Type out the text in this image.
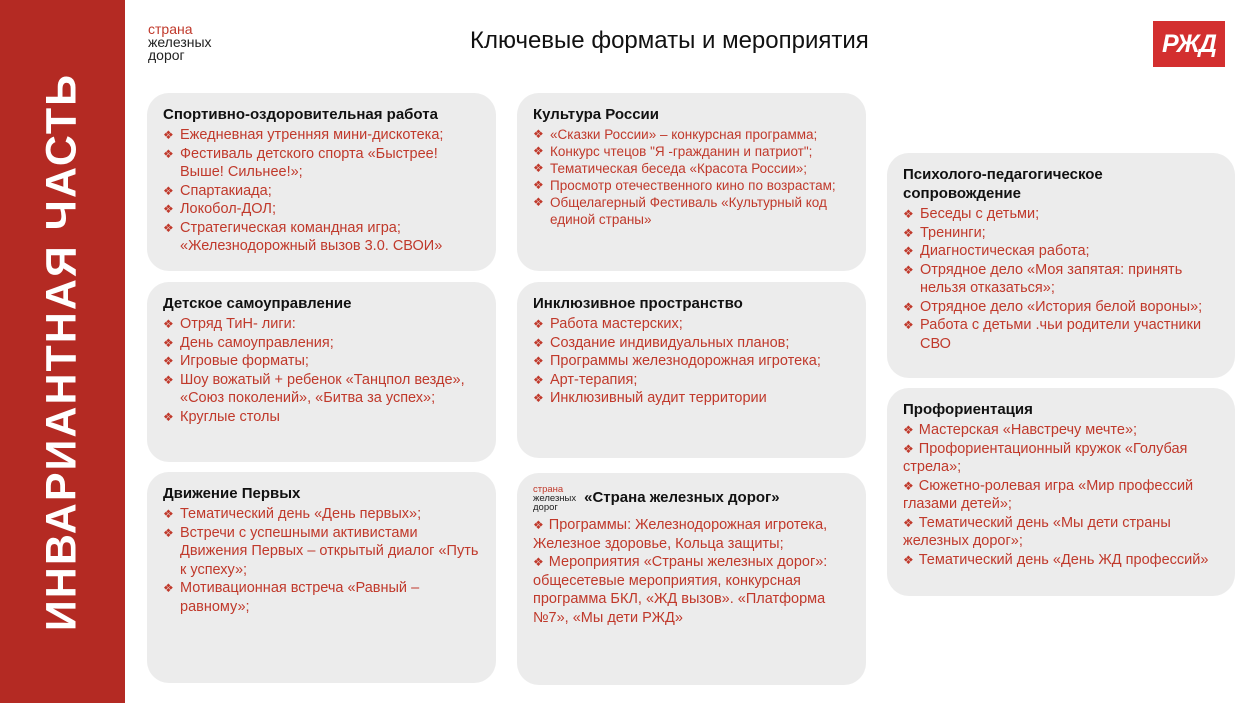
ИНВАРИАНТНАЯ ЧАСТЬ
страна
железных
дорог
Ключевые форматы и мероприятия	РЖД
Спортивно-оздоровительная работа
❖ Ежедневная утренняя мини-дискотека;
❖ Фестиваль детского спорта «Быстрее! Выше! Сильнее!»;
❖ Спартакиада;
❖ Локобол-ДОЛ;
❖ Стратегическая командная игра; «Железнодорожный вызов 3.0. СВОИ»
Детское самоуправление
❖ Отряд ТиН- лиги:
❖ День самоуправления;
❖ Игровые форматы;
❖ Шоу вожатый + ребенок «Танцпол везде», «Союз поколений», «Битва за успех»;
❖ Круглые столы
Движение Первых
❖ Тематический день «День первых»;
❖ Встречи с успешными активистами Движения Первых – открытый диалог «Путь к успеху»;
❖ Мотивационная встреча «Равный – равному»;
Культура России
❖ «Сказки России» – конкурсная программа;
❖ Конкурс чтецов "Я -гражданин и патриот";
❖ Тематическая беседа «Красота России»;
❖ Просмотр отечественного кино по возрастам;
❖ Общелагерный Фестиваль «Культурный код единой страны»
Инклюзивное пространство
❖ Работа мастерских;
❖ Создание индивидуальных планов;
❖ Программы железнодорожная игротека;
❖ Арт-терапия;
❖ Инклюзивный аудит территории
страна
железных
дорог
«Страна железных дорог»
❖ Программы: Железнодорожная игротека, Железное здоровье, Кольца защиты;
❖ Мероприятия «Страны железных дорог»: общесетевые мероприятия, конкурсная программа БКЛ, «ЖД вызов». «Платформа №7», «Мы дети РЖД»
Психолого-педагогическое сопровождение
❖ Беседы с детьми;
❖ Тренинги;
❖ Диагностическая работа;
❖ Отрядное дело «Моя запятая: принять нельзя отказаться»;
❖ Отрядное дело «История белой вороны»;
❖ Работа с детьми .чьи родители участники СВО
Профориентация
❖ Мастерская «Навстречу мечте»;
❖ Профориентационный кружок «Голубая стрела»;
❖ Сюжетно-ролевая игра «Мир профессий глазами детей»;
❖ Тематический день «Мы дети страны железных дорог»;
❖ Тематический день «День ЖД профессий»
